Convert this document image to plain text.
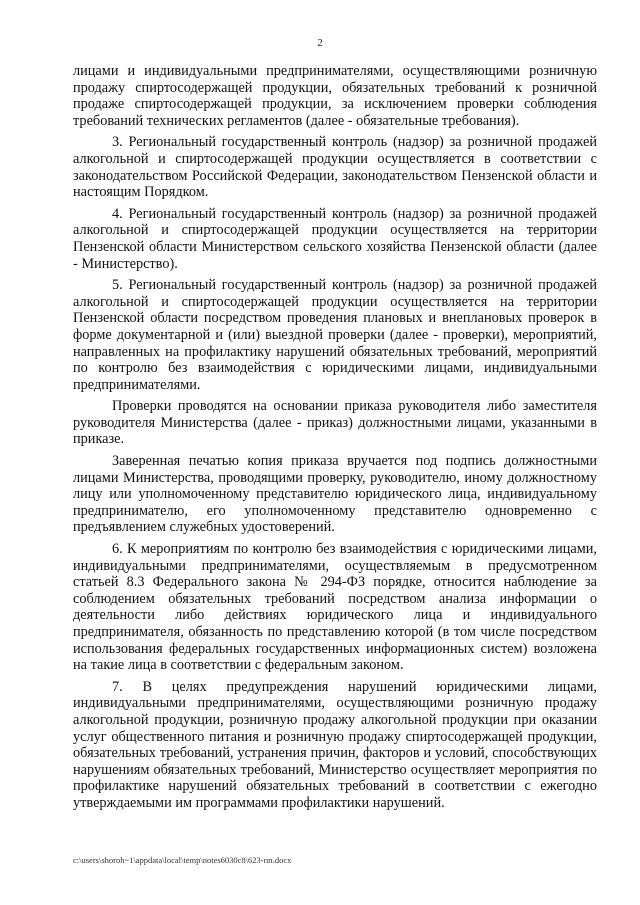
2

лицами и индивидуальными предпринимателями, осуществляющими розничную продажу спиртосодержащей продукции, обязательных требований к розничной продаже спиртосодержащей продукции, за исключением проверки соблюдения требований технических регламентов (далее - обязательные требования).

3. Региональный государственный контроль (надзор) за розничной продажей алкогольной и спиртосодержащей продукции осуществляется в соответствии с законодательством Российской Федерации, законодательством Пензенской области и настоящим Порядком.

4. Региональный государственный контроль (надзор) за розничной продажей алкогольной и спиртосодержащей продукции осуществляется на территории Пензенской области Министерством сельского хозяйства Пензенской области (далее - Министерство).

5. Региональный государственный контроль (надзор) за розничной продажей алкогольной и спиртосодержащей продукции осуществляется на территории Пензенской области посредством проведения плановых и внеплановых проверок в форме документарной и (или) выездной проверки (далее - проверки), мероприятий, направленных на профилактику нарушений обязательных требований, мероприятий по контролю без взаимодействия с юридическими лицами, индивидуальными предпринимателями.

Проверки проводятся на основании приказа руководителя либо заместителя руководителя Министерства (далее - приказ) должностными лицами, указанными в приказе.

Заверенная печатью копия приказа вручается под подпись должностными лицами Министерства, проводящими проверку, руководителю, иному должностному лицу или уполномоченному представителю юридического лица, индивидуальному предпринимателю, его уполномоченному представителю одновременно с предъявлением служебных удостоверений.

6. К мероприятиям по контролю без взаимодействия с юридическими лицами, индивидуальными предпринимателями, осуществляемым в предусмотренном статьей 8.3 Федерального закона № 294-ФЗ порядке, относится наблюдение за соблюдением обязательных требований посредством анализа информации о деятельности либо действиях юридического лица и индивидуального предпринимателя, обязанность по представлению которой (в том числе посредством использования федеральных государственных информационных систем) возложена на такие лица в соответствии с федеральным законом.

7. В целях предупреждения нарушений юридическими лицами, индивидуальными предпринимателями, осуществляющими розничную продажу алкогольной продукции, розничную продажу алкогольной продукции при оказании услуг общественного питания и розничную продажу спиртосодержащей продукции, обязательных требований, устранения причин, факторов и условий, способствующих нарушениям обязательных требований, Министерство осуществляет мероприятия по профилактике нарушений обязательных требований в соответствии с ежегодно утверждаемыми им программами профилактики нарушений.

c:\users\shoroh~1\appdata\local\temp\notes6030c8\623-пп.docx
